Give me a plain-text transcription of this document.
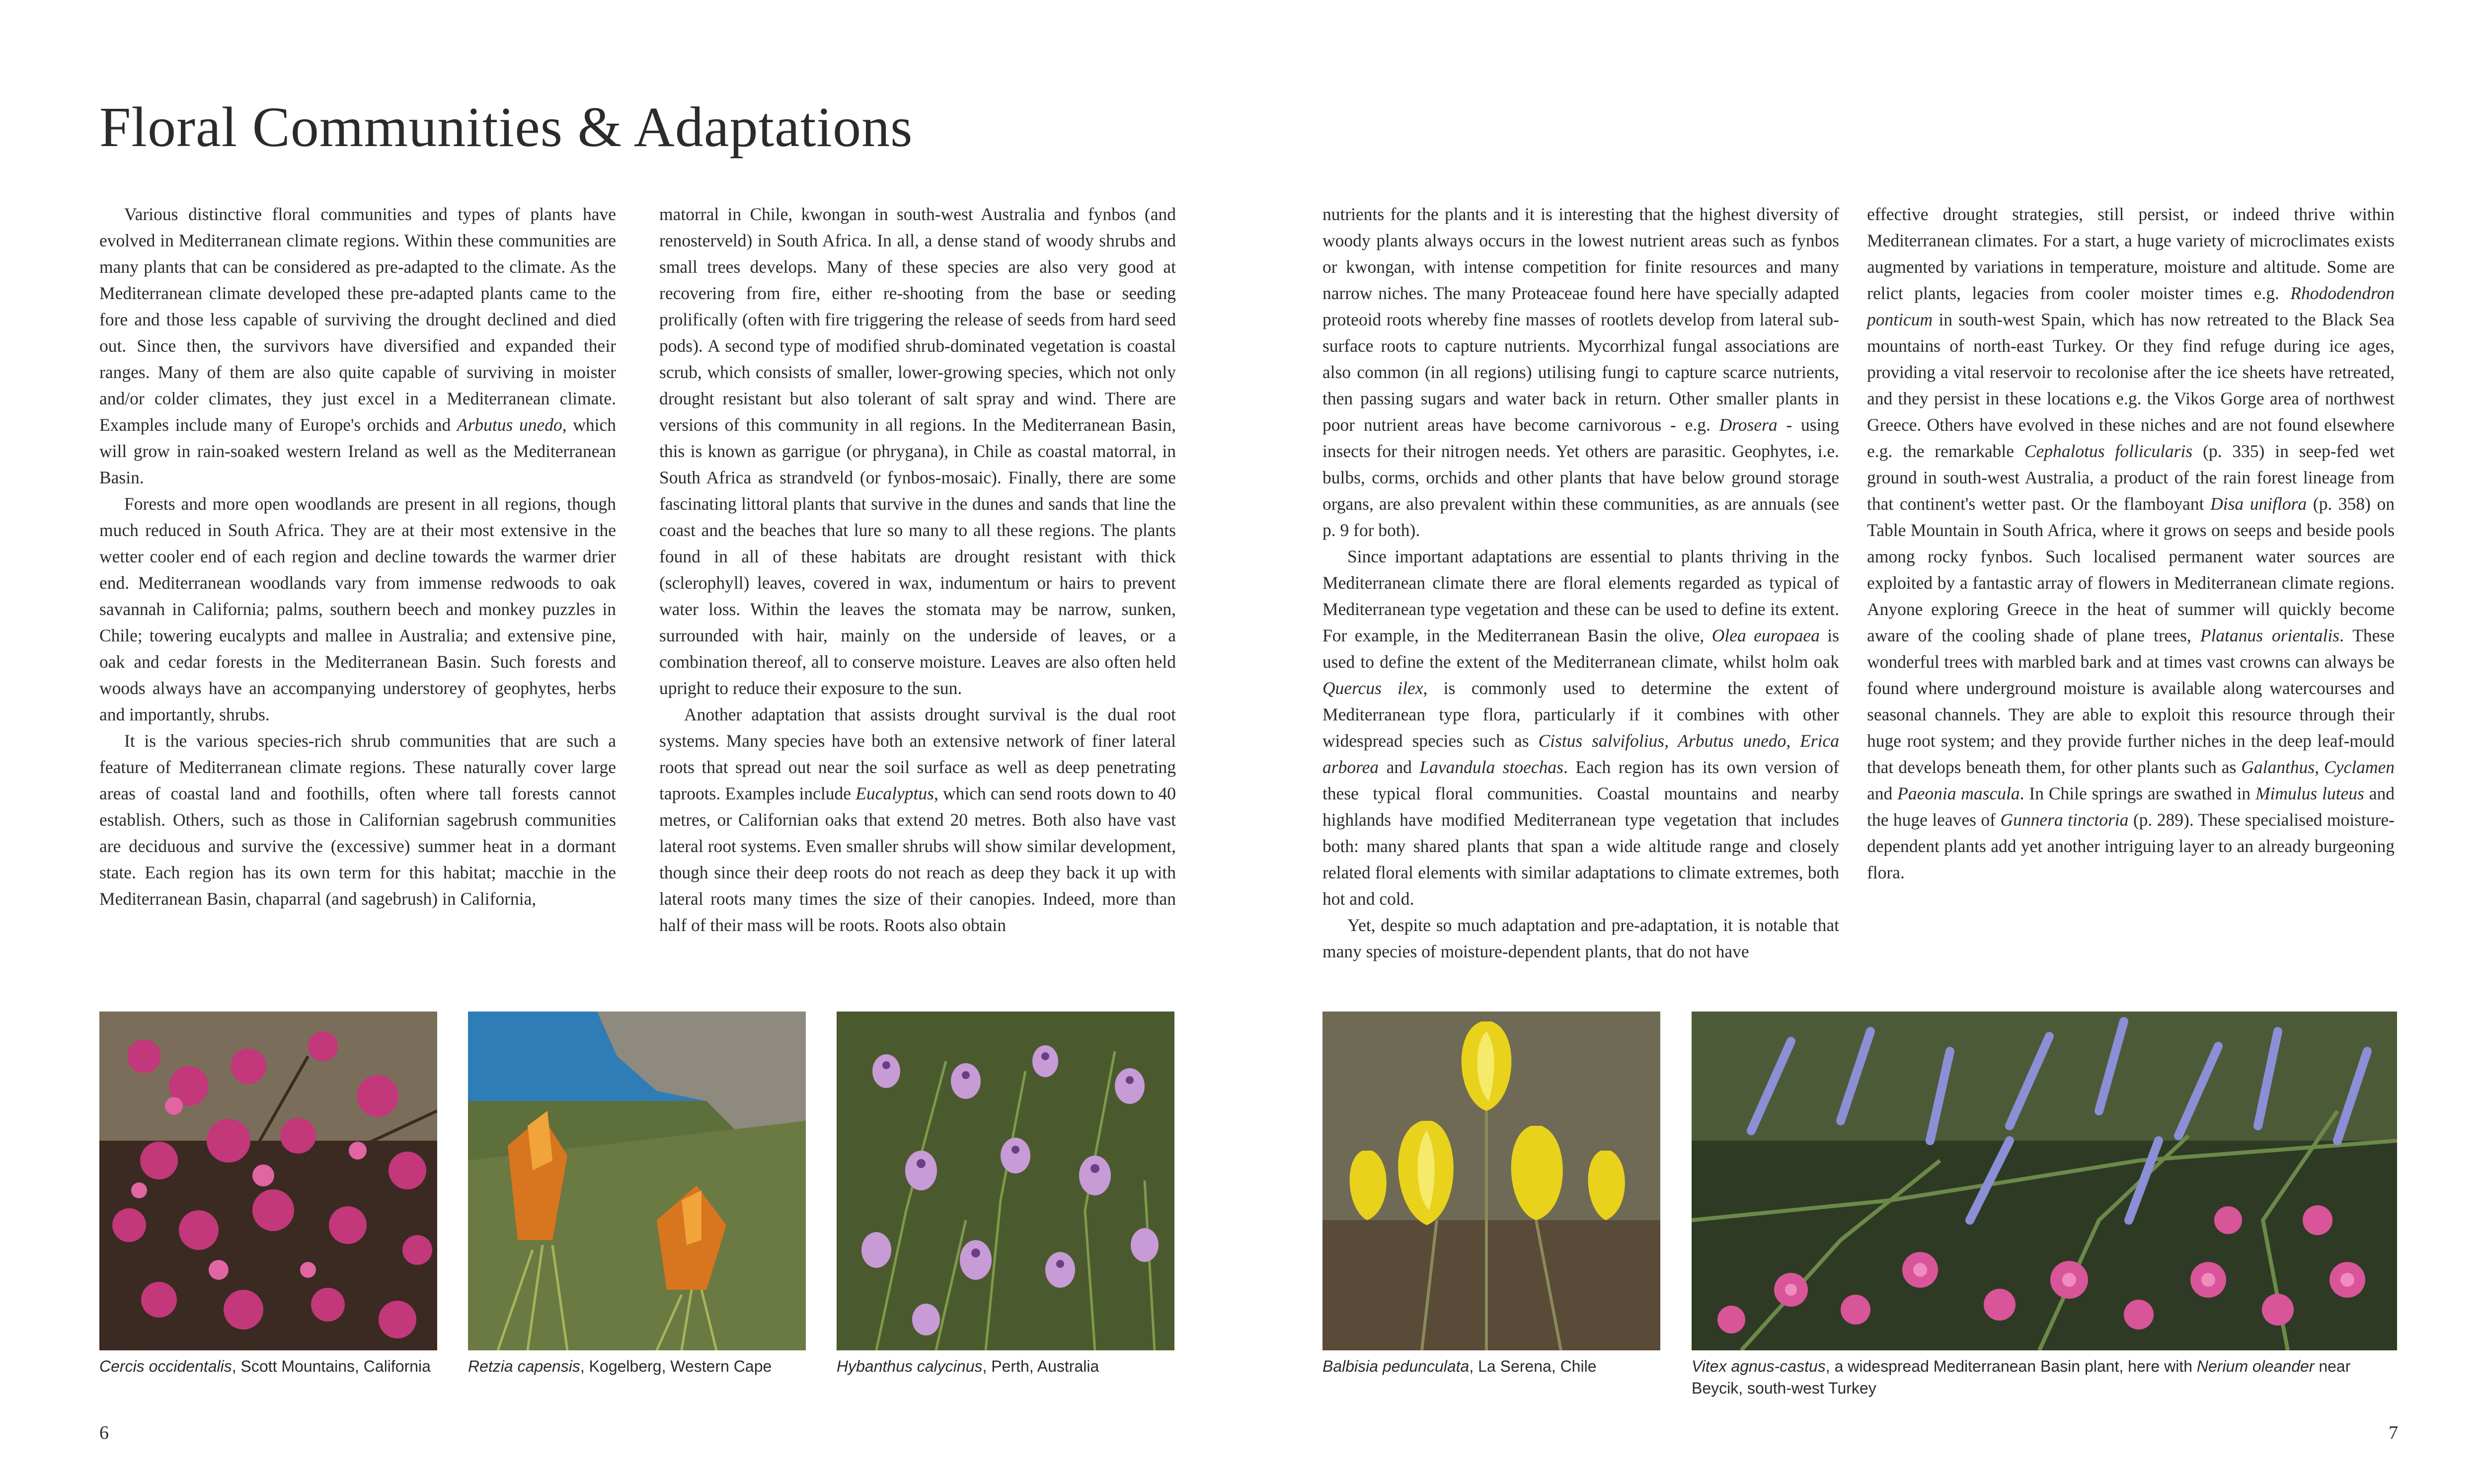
Floral Communities & Adaptations

Various distinctive floral communities and types of plants have evolved in Mediterranean climate regions. Within these communities are many plants that can be considered as pre-adapted to the climate. As the Mediterranean climate developed these pre-adapted plants came to the fore and those less capable of surviving the drought declined and died out. Since then, the survivors have diversified and expanded their ranges. Many of them are also quite capable of surviving in moister and/or colder climates, they just excel in a Mediterranean climate. Examples include many of Europe's orchids and Arbutus unedo, which will grow in rain-soaked western Ireland as well as the Mediterranean Basin.

Forests and more open woodlands are present in all regions, though much reduced in South Africa. They are at their most extensive in the wetter cooler end of each region and decline towards the warmer drier end. Mediterranean woodlands vary from immense redwoods to oak savannah in California; palms, southern beech and monkey puzzles in Chile; towering eucalypts and mallee in Australia; and extensive pine, oak and cedar forests in the Mediterranean Basin. Such forests and woods always have an accompanying understorey of geophytes, herbs and importantly, shrubs.

It is the various species-rich shrub communities that are such a feature of Mediterranean climate regions. These naturally cover large areas of coastal land and foothills, often where tall forests cannot establish. Others, such as those in Californian sagebrush communities are deciduous and survive the (excessive) summer heat in a dormant state. Each region has its own term for this habitat; macchie in the Mediterranean Basin, chaparral (and sagebrush) in California,

matorral in Chile, kwongan in south-west Australia and fynbos (and renosterveld) in South Africa. In all, a dense stand of woody shrubs and small trees develops. Many of these species are also very good at recovering from fire, either re-shooting from the base or seeding prolifically (often with fire triggering the release of seeds from hard seed pods). A second type of modified shrub-dominated vegetation is coastal scrub, which consists of smaller, lower-growing species, which not only drought resistant but also tolerant of salt spray and wind. There are versions of this community in all regions. In the Mediterranean Basin, this is known as garrigue (or phrygana), in Chile as coastal matorral, in South Africa as strandveld (or fynbos-mosaic). Finally, there are some fascinating littoral plants that survive in the dunes and sands that line the coast and the beaches that lure so many to all these regions. The plants found in all of these habitats are drought resistant with thick (sclerophyll) leaves, covered in wax, indumentum or hairs to prevent water loss. Within the leaves the stomata may be narrow, sunken, surrounded with hair, mainly on the underside of leaves, or a combination thereof, all to conserve moisture. Leaves are also often held upright to reduce their exposure to the sun.

Another adaptation that assists drought survival is the dual root systems. Many species have both an extensive network of finer lateral roots that spread out near the soil surface as well as deep penetrating taproots. Examples include Eucalyptus, which can send roots down to 40 metres, or Californian oaks that extend 20 metres. Both also have vast lateral root systems. Even smaller shrubs will show similar development, though since their deep roots do not reach as deep they back it up with lateral roots many times the size of their canopies. Indeed, more than half of their mass will be roots. Roots also obtain

nutrients for the plants and it is interesting that the highest diversity of woody plants always occurs in the lowest nutrient areas such as fynbos or kwongan, with intense competition for finite resources and many narrow niches. The many Proteaceae found here have specially adapted proteoid roots whereby fine masses of rootlets develop from lateral sub-surface roots to capture nutrients. Mycorrhizal fungal associations are also common (in all regions) utilising fungi to capture scarce nutrients, then passing sugars and water back in return. Other smaller plants in poor nutrient areas have become carnivorous - e.g. Drosera - using insects for their nitrogen needs. Yet others are parasitic. Geophytes, i.e. bulbs, corms, orchids and other plants that have below ground storage organs, are also prevalent within these communities, as are annuals (see p. 9 for both).

Since important adaptations are essential to plants thriving in the Mediterranean climate there are floral elements regarded as typical of Mediterranean type vegetation and these can be used to define its extent. For example, in the Mediterranean Basin the olive, Olea europaea is used to define the extent of the Mediterranean climate, whilst holm oak Quercus ilex, is commonly used to determine the extent of Mediterranean type flora, particularly if it combines with other widespread species such as Cistus salvifolius, Arbutus unedo, Erica arborea and Lavandula stoechas. Each region has its own version of these typical floral communities. Coastal mountains and nearby highlands have modified Mediterranean type vegetation that includes both: many shared plants that span a wide altitude range and closely related floral elements with similar adaptations to climate extremes, both hot and cold.

Yet, despite so much adaptation and pre-adaptation, it is notable that many species of moisture-dependent plants, that do not have

effective drought strategies, still persist, or indeed thrive within Mediterranean climates. For a start, a huge variety of microclimates exists augmented by variations in temperature, moisture and altitude. Some are relict plants, legacies from cooler moister times e.g. Rhododendron ponticum in south-west Spain, which has now retreated to the Black Sea mountains of north-east Turkey. Or they find refuge during ice ages, providing a vital reservoir to recolonise after the ice sheets have retreated, and they persist in these locations e.g. the Vikos Gorge area of northwest Greece. Others have evolved in these niches and are not found elsewhere e.g. the remarkable Cephalotus follicularis (p. 335) in seep-fed wet ground in south-west Australia, a product of the rain forest lineage from that continent's wetter past. Or the flamboyant Disa uniflora (p. 358) on Table Mountain in South Africa, where it grows on seeps and beside pools among rocky fynbos. Such localised permanent water sources are exploited by a fantastic array of flowers in Mediterranean climate regions. Anyone exploring Greece in the heat of summer will quickly become aware of the cooling shade of plane trees, Platanus orientalis. These wonderful trees with marbled bark and at times vast crowns can always be found where underground moisture is available along watercourses and seasonal channels. They are able to exploit this resource through their huge root system; and they provide further niches in the deep leaf-mould that develops beneath them, for other plants such as Galanthus, Cyclamen and Paeonia mascula. In Chile springs are swathed in Mimulus luteus and the huge leaves of Gunnera tinctoria (p. 289). These specialised moisture-dependent plants add yet another intriguing layer to an already burgeoning flora.

Cercis occidentalis, Scott Mountains, California	Retzia capensis, Kogelberg, Western Cape	Hybanthus calycinus, Perth, Australia	Balbisia pedunculata, La Serena, Chile	Vitex agnus-castus, a widespread Mediterranean Basin plant, here with Nerium oleander near Beycik, south-west Turkey
6	7
